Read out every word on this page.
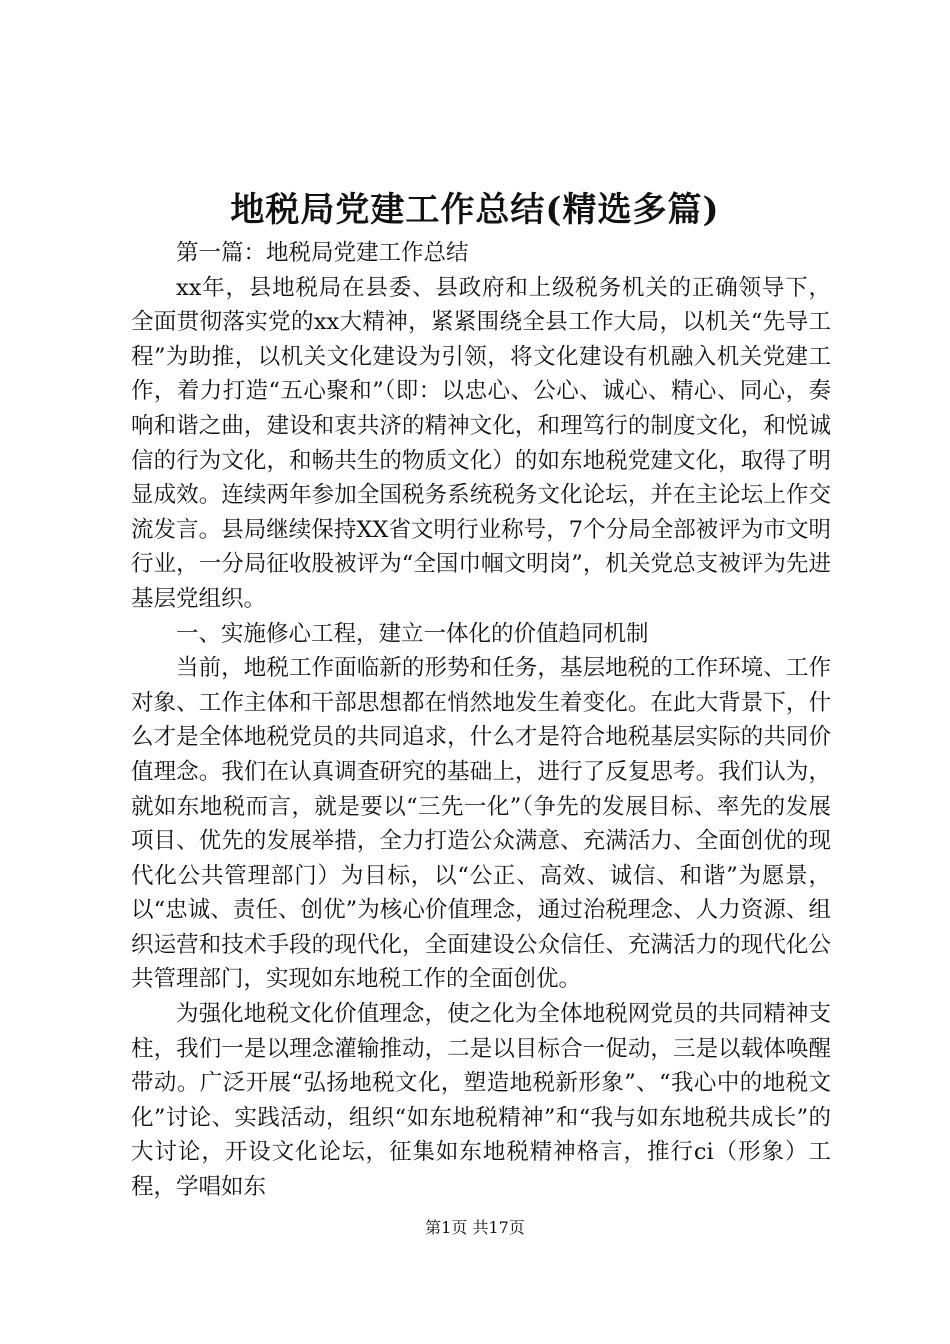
地税局党建工作总结(精选多篇)

第一篇：地税局党建工作总结

xx年，县地税局在县委、县政府和上级税务机关的正确领导下，全面贯彻落实党的xx大精神，紧紧围绕全县工作大局，以机关“先导工程”为助推，以机关文化建设为引领，将文化建设有机融入机关党建工作，着力打造“五心聚和”（即：以忠心、公心、诚心、精心、同心，奏响和谐之曲，建设和衷共济的精神文化，和理笃行的制度文化，和悦诚信的行为文化，和畅共生的物质文化）的如东地税党建文化，取得了明显成效。连续两年参加全国税务系统税务文化论坛，并在主论坛上作交流发言。县局继续保持XX省文明行业称号，7个分局全部被评为市文明行业，一分局征收股被评为“全国巾帼文明岗”，机关党总支被评为先进基层党组织。

一、实施修心工程，建立一体化的价值趋同机制

当前，地税工作面临新的形势和任务，基层地税的工作环境、工作对象、工作主体和干部思想都在悄然地发生着变化。在此大背景下，什么才是全体地税党员的共同追求，什么才是符合地税基层实际的共同价值理念。我们在认真调查研究的基础上，进行了反复思考。我们认为，就如东地税而言，就是要以“三先一化”（争先的发展目标、率先的发展项目、优先的发展举措，全力打造公众满意、充满活力、全面创优的现代化公共管理部门）为目标，以“公正、高效、诚信、和谐”为愿景，以“忠诚、责任、创优”为核心价值理念，通过治税理念、人力资源、组织运营和技术手段的现代化，全面建设公众信任、充满活力的现代化公共管理部门，实现如东地税工作的全面创优。

为强化地税文化价值理念，使之化为全体地税网党员的共同精神支柱，我们一是以理念灌输推动，二是以目标合一促动，三是以载体唤醒带动。广泛开展“弘扬地税文化，塑造地税新形象”、“我心中的地税文化”讨论、实践活动，组织“如东地税精神”和“我与如东地税共成长”的大讨论，开设文化论坛，征集如东地税精神格言，推行ci（形象）工程，学唱如东

第1页 共17页
